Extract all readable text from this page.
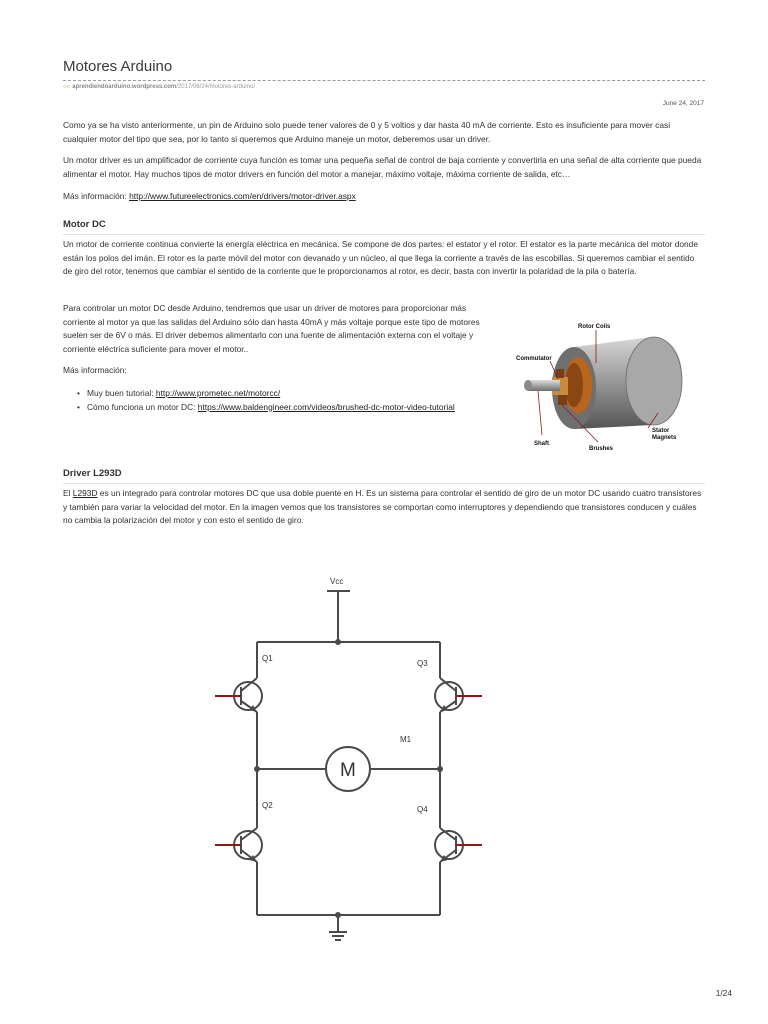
Motores Arduino
○○ aprendiendoarduino.wordpress.com/2017/06/24/motores-arduino/
June 24, 2017

Como ya se ha visto anteriormente, un pin de Arduino solo puede tener valores de 0 y 5 voltios y dar hasta 40 mA de corriente. Esto es insuficiente para mover casi cualquier motor del tipo que sea, por lo tanto si queremos que Arduino maneje un motor, deberemos usar un driver.

Un motor driver es un amplificador de corriente cuya función es tomar una pequeña señal de control de baja corriente y convertirla en una señal de alta corriente que pueda alimentar el motor. Hay muchos tipos de motor drivers en función del motor a manejar, máximo voltaje, máxima corriente de salida, etc…

Más información: http://www.futureelectronics.com/en/drivers/motor-driver.aspx

Motor DC

Un motor de corriente continua convierte la energía eléctrica en mecánica. Se compone de dos partes: el estator y el rotor. El estator es la parte mecánica del motor donde están los polos del imán. El rotor es la parte móvil del motor con devanado y un núcleo, al que llega la corriente a través de las escobillas. Si queremos cambiar el sentido de giro del rotor, tenemos que cambiar el sentido de la corriente que le proporcionamos al rotor, es decir, basta con invertir la polaridad de la pila o batería.

Para controlar un motor DC desde Arduino, tendremos que usar un driver de motores para proporcionar más corriente al motor ya que las salidas del Arduino sólo dan hasta 40mA y más voltaje porque este tipo de motores suelen ser de 6V o más. El driver debemos alimentarlo con una fuente de alimentación externa con el voltaje y corriente eléctrica suficiente para mover el motor..

Más información:

• Muy buen tutorial: http://www.prometec.net/motorcc/
• Cómo funciona un motor DC: https://www.baldengineer.com/videos/brushed-dc-motor-video-tutorial
Rotor Coils
Commutator
Shaft
Brushes
Stator
Magnets
Driver L293D

El L293D es un integrado para controlar motores DC que usa doble puente en H. Es un sistema para controlar el sentido de giro de un motor DC usando cuatro transistores y también para variar la velocidad del motor. En la imagen vemos que los transistores se comportan como interruptores y dependiendo que transistores conducen y cuáles no cambia la polarización del motor y con esto el sentido de giro.

Vcc
Q1
Q3
M1
Q2	Q4
M
1/24
